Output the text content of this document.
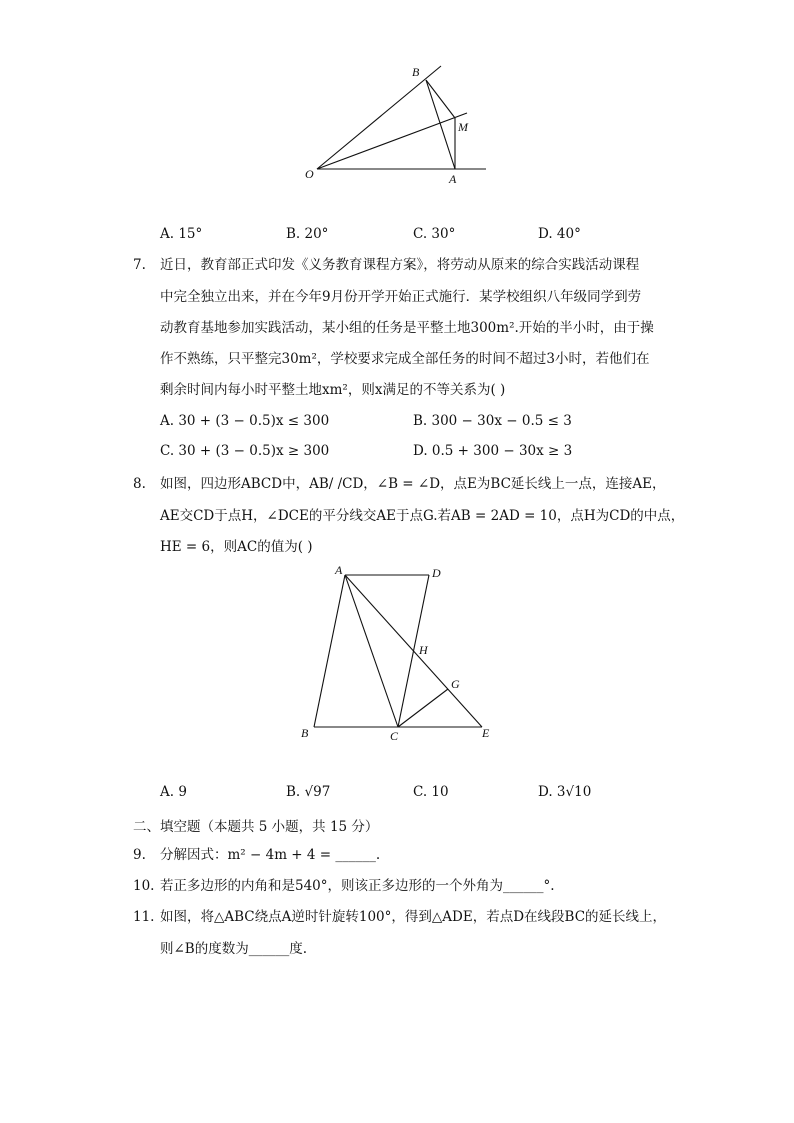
B
M
O	A
A. 15°	B. 20°	C. 30°	D. 40°
7. 近日，教育部正式印发《义务教育课程方案》，将劳动从原来的综合实践活动课程
中完全独立出来，并在今年9月份开学开始正式施行．某学校组织八年级同学到劳
动教育基地参加实践活动，某小组的任务是平整土地300m².开始的半小时，由于操
作不熟练，只平整完30m²，学校要求完成全部任务的时间不超过3小时，若他们在
剩余时间内每小时平整土地xm²，则x满足的不等关系为( )
A. 30 + (3 − 0.5)x ≤ 300	B. 300 − 30x − 0.5 ≤ 3
C. 30 + (3 − 0.5)x ≥ 300	D. 0.5 + 300 − 30x ≥ 3
8. 如图，四边形ABCD中，AB/ /CD，∠B = ∠D，点E为BC延长线上一点，连接AE，
AE交CD于点H，∠DCE的平分线交AE于点G.若AB = 2AD = 10，点H为CD的中点，
HE = 6，则AC的值为( )
A	D
H
G
B	C	E
A. 9	B. √97	C. 10	D. 3√10
二、填空题（本题共 5 小题，共 15 分）
9. 分解因式：m² − 4m + 4 = ______.
10. 若正多边形的内角和是540°，则该正多边形的一个外角为______°.
11. 如图，将△ABC绕点A逆时针旋转100°，得到△ADE，若点D在线段BC的延长线上，
则∠B的度数为______度.
